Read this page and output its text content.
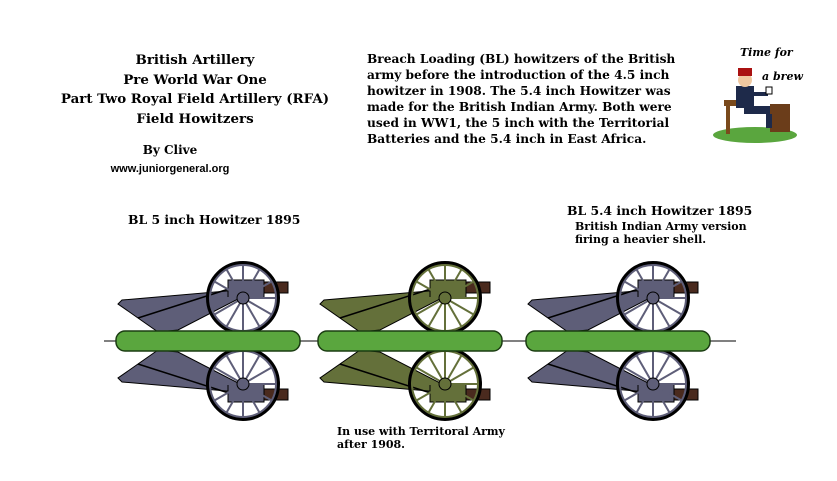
British Artillery
Pre World War One
Part Two Royal Field Artillery (RFA)
Field Howitzers
By Clive
www.juniorgeneral.org
Breach Loading (BL) howitzers of the British
army before the introduction of the 4.5 inch
howitzer in 1908. The 5.4 inch Howitzer was
made for the British Indian Army. Both were
used in WW1, the 5 inch with the Territorial
Batteries and the 5.4 inch in East Africa.
Time for
a brew
BL 5 inch Howitzer 1895
BL 5.4 inch Howitzer 1895
British Indian Army version
firing a heavier shell.
In use with Territoral Army
after 1908.
